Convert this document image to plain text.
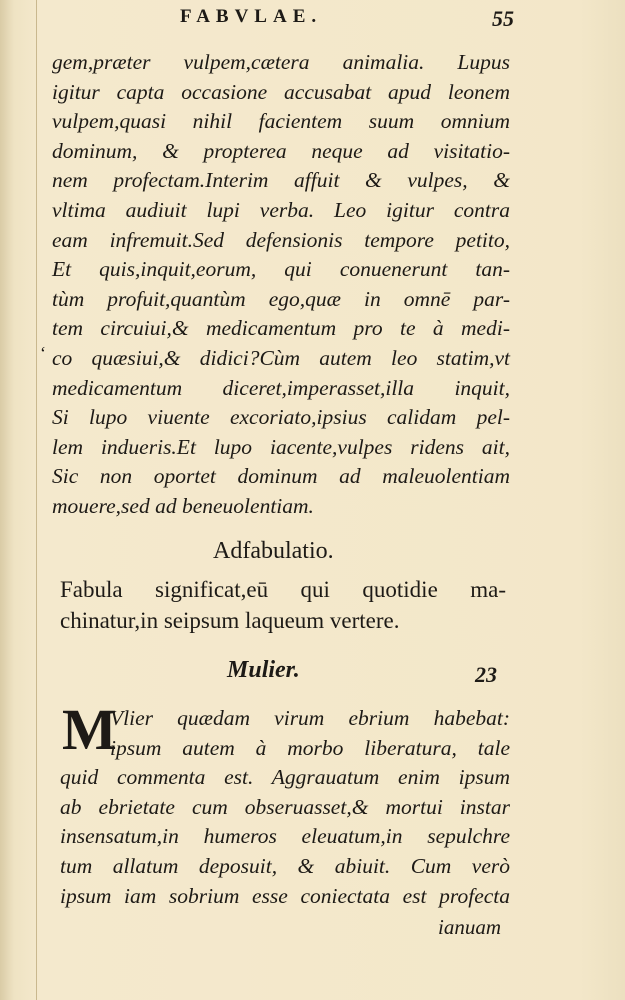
FABVLAE.	55
gem,præter vulpem,cætera animalia. Lupus
igitur capta occasione accusabat apud leonem
vulpem,quasi nihil facientem suum omnium
dominum, & propterea neque ad visitatio-
nem profectam.Interim affuit & vulpes, &
vltima audiuit lupi verba. Leo igitur contra
eam infremuit.Sed defensionis tempore petito,
Et quis,inquit,eorum, qui conuenerunt tan-
tùm profuit,quantùm ego,quæ in omnē par-
tem circuiui,& medicamentum pro te à medi-
co quæsiui,& didici?Cùm autem leo statim,vt
medicamentum diceret,imperasset,illa inquit,
Si lupo viuente excoriato,ipsius calidam pel-
lem indueris.Et lupo iacente,vulpes ridens ait,
Sic non oportet dominum ad maleuolentiam
mouere,sed ad beneuolentiam.
ʻ
Adfabulatio.
Fabula significat,eū qui quotidie ma-
chinatur,in seipsum laqueum vertere.
Mulier.	23
M
Vlier quædam virum ebrium habebat:
ipsum autem à morbo liberatura, tale
quid commenta est. Aggrauatum enim ipsum
ab ebrietate cum obseruasset,& mortui instar
insensatum,in humeros eleuatum,in sepulchre
tum allatum deposuit, & abiuit. Cum verò
ipsum iam sobrium esse coniectata est profecta
ianuam
